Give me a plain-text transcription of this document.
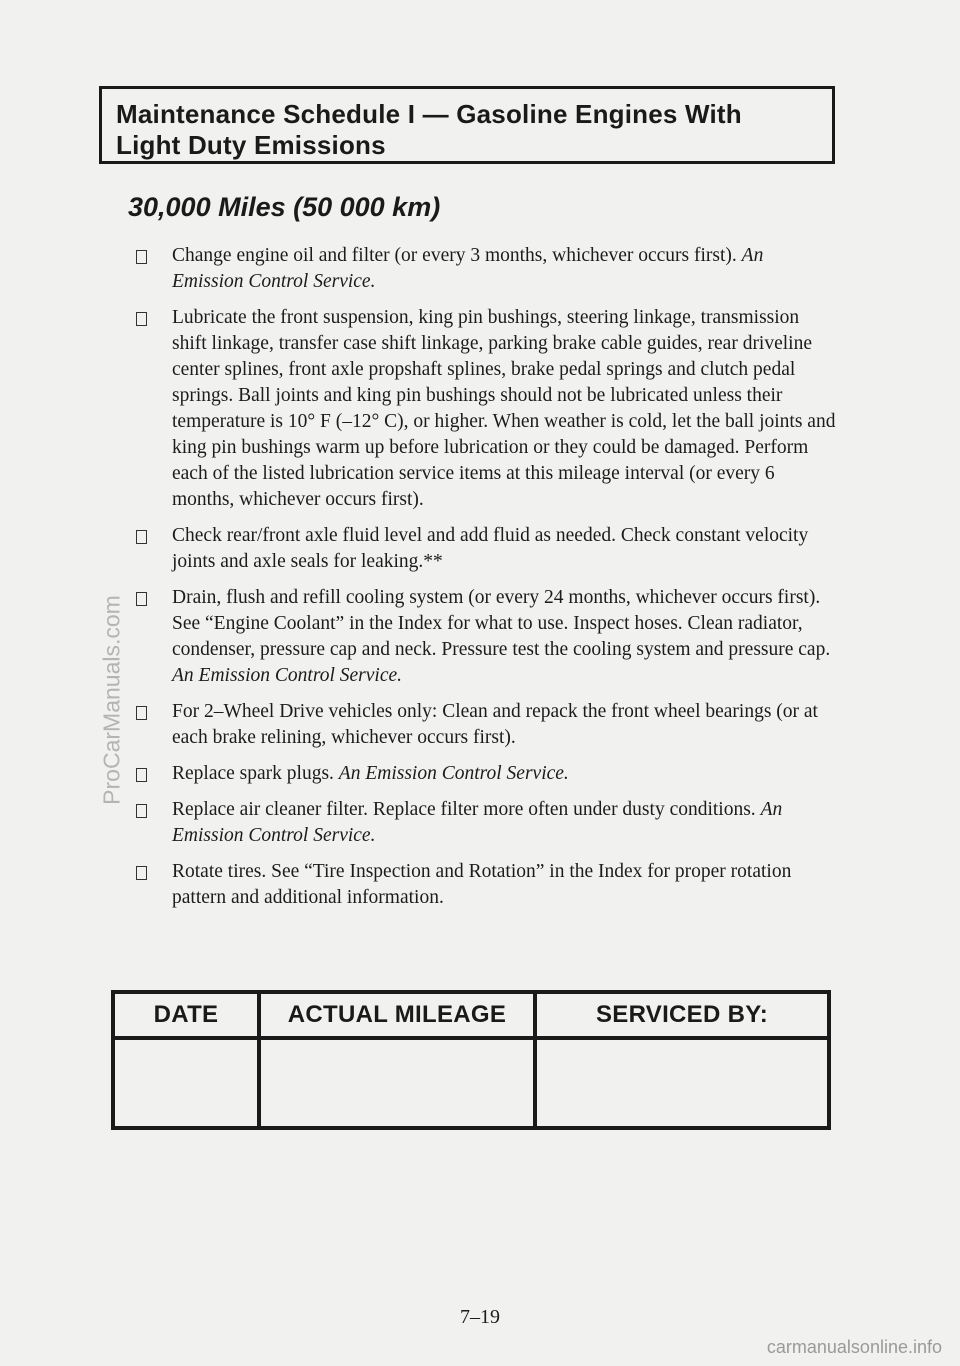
Maintenance Schedule I — Gasoline Engines With
Light Duty Emissions

30,000 Miles (50 000 km)
Change engine oil and filter (or every 3 months, whichever occurs first). An Emission Control Service.
Lubricate the front suspension, king pin bushings, steering linkage, transmission shift linkage, transfer case shift linkage, parking brake cable guides, rear driveline center splines, front axle propshaft splines, brake pedal springs and clutch pedal springs. Ball joints and king pin bushings should not be lubricated unless their temperature is 10° F (–12° C), or higher. When weather is cold, let the ball joints and king pin bushings warm up before lubrication or they could be damaged. Perform each of the listed lubrication service items at this mileage interval (or every 6 months, whichever occurs first).
Check rear/front axle fluid level and add fluid as needed. Check constant velocity joints and axle seals for leaking.**
Drain, flush and refill cooling system (or every 24 months, whichever occurs first). See “Engine Coolant” in the Index for what to use. Inspect hoses. Clean radiator, condenser, pressure cap and neck. Pressure test the cooling system and pressure cap. An Emission Control Service.
For 2–Wheel Drive vehicles only: Clean and repack the front wheel bearings (or at each brake relining, whichever occurs first).
Replace spark plugs. An Emission Control Service.
Replace air cleaner filter. Replace filter more often under dusty conditions. An Emission Control Service.
Rotate tires. See “Tire Inspection and Rotation” in the Index for proper rotation pattern and additional information.
DATE	ACTUAL MILEAGE	SERVICED BY:

7–19
ProCarManuals.com
carmanualsonline.info
